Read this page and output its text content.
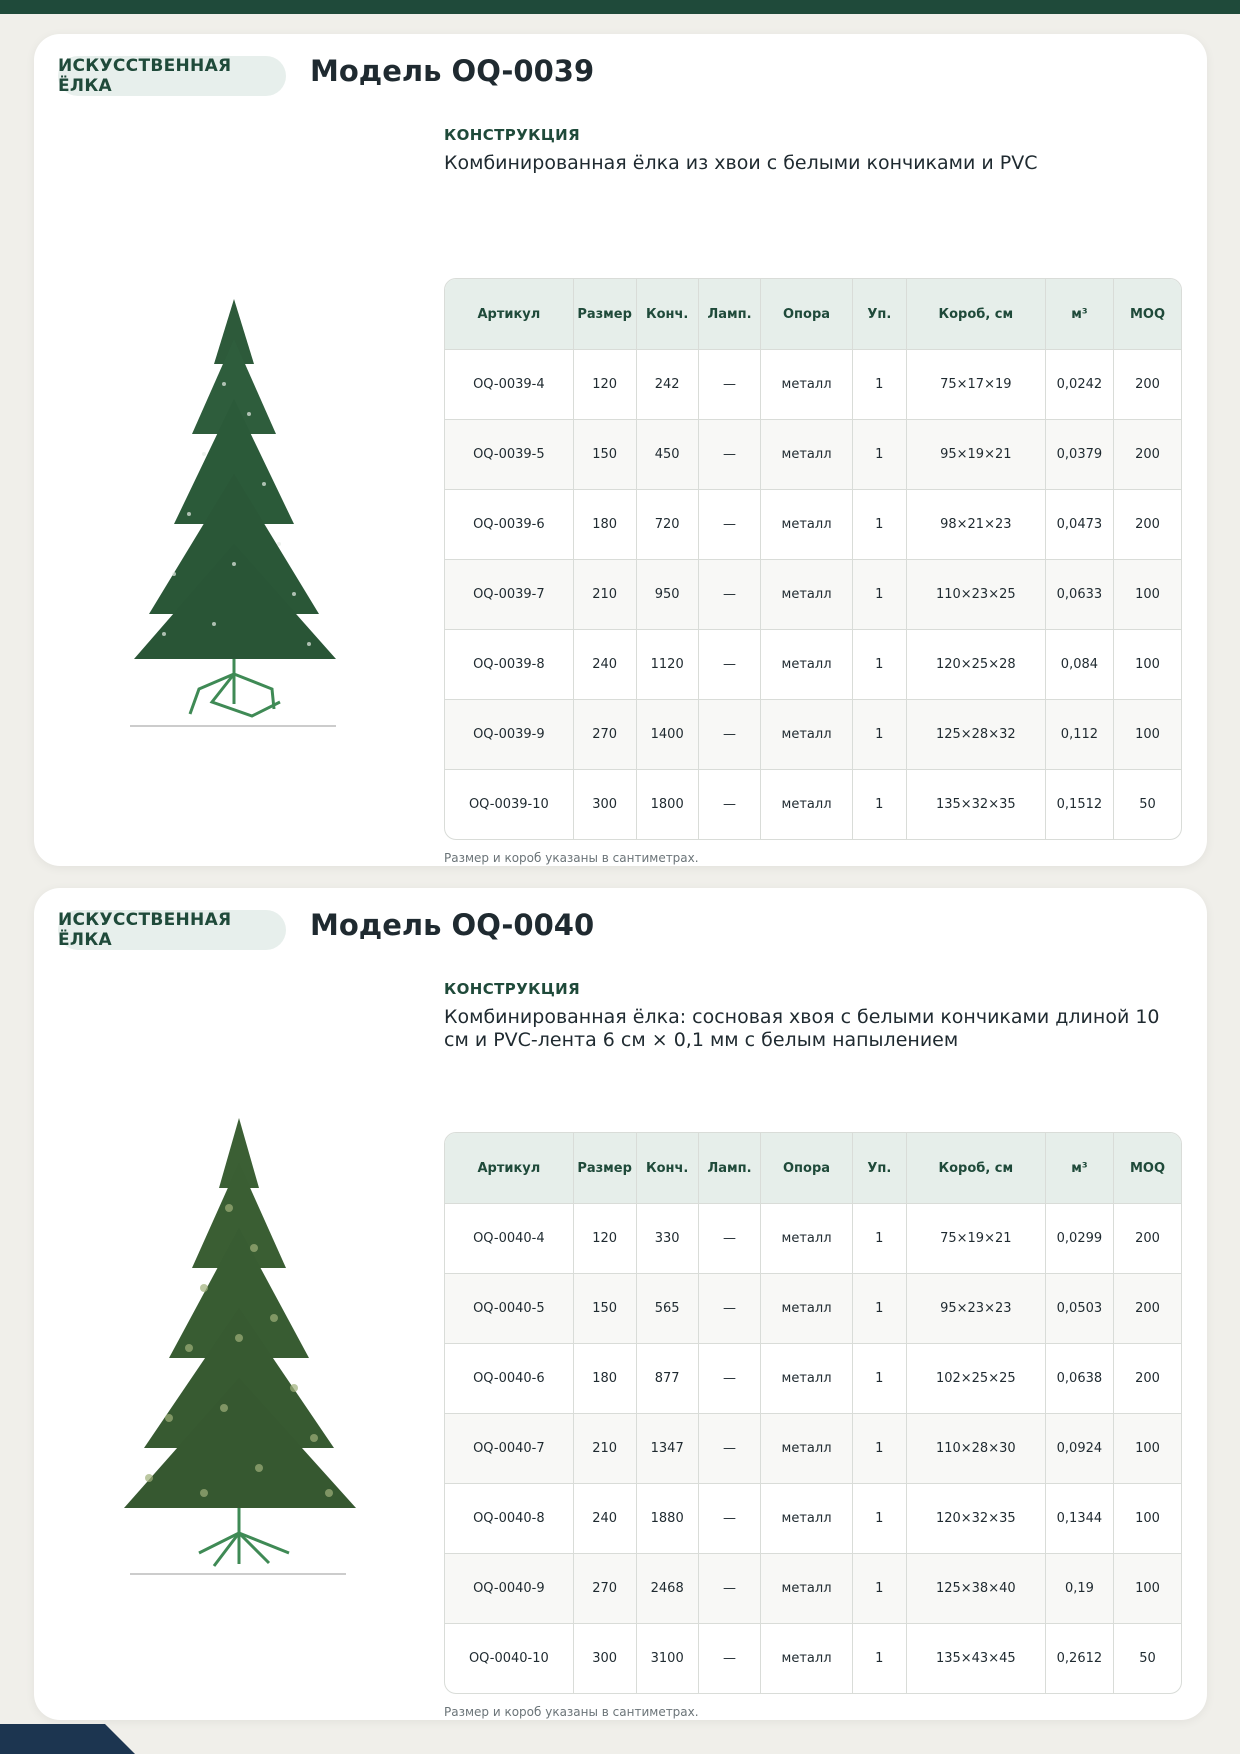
ИСКУССТВЕННАЯ ЁЛКА	Модель OQ-0039
КОНСТРУКЦИЯ
Комбинированная ёлка из хвои с белыми кончиками и PVC
Артикул	Размер	Конч.	Ламп.	Опора	Уп.	Короб, см	м³	MOQ
OQ-0039-4	120	242	—	металл	1	75×17×19	0,0242	200
OQ-0039-5	150	450	—	металл	1	95×19×21	0,0379	200
OQ-0039-6	180	720	—	металл	1	98×21×23	0,0473	200
OQ-0039-7	210	950	—	металл	1	110×23×25	0,0633	100
OQ-0039-8	240	1120	—	металл	1	120×25×28	0,084	100
OQ-0039-9	270	1400	—	металл	1	125×28×32	0,112	100
OQ-0039-10	300	1800	—	металл	1	135×32×35	0,1512	50
Размер и короб указаны в сантиметрах.
ИСКУССТВЕННАЯ ЁЛКА	Модель OQ-0040
КОНСТРУКЦИЯ
Комбинированная ёлка: сосновая хвоя с белыми кончиками длиной 10 см и PVC-лента 6 см × 0,1 мм с белым напылением
Артикул	Размер	Конч.	Ламп.	Опора	Уп.	Короб, см	м³	MOQ
OQ-0040-4	120	330	—	металл	1	75×19×21	0,0299	200
OQ-0040-5	150	565	—	металл	1	95×23×23	0,0503	200
OQ-0040-6	180	877	—	металл	1	102×25×25	0,0638	200
OQ-0040-7	210	1347	—	металл	1	110×28×30	0,0924	100
OQ-0040-8	240	1880	—	металл	1	120×32×35	0,1344	100
OQ-0040-9	270	2468	—	металл	1	125×38×40	0,19	100
OQ-0040-10	300	3100	—	металл	1	135×43×45	0,2612	50
Размер и короб указаны в сантиметрах.
